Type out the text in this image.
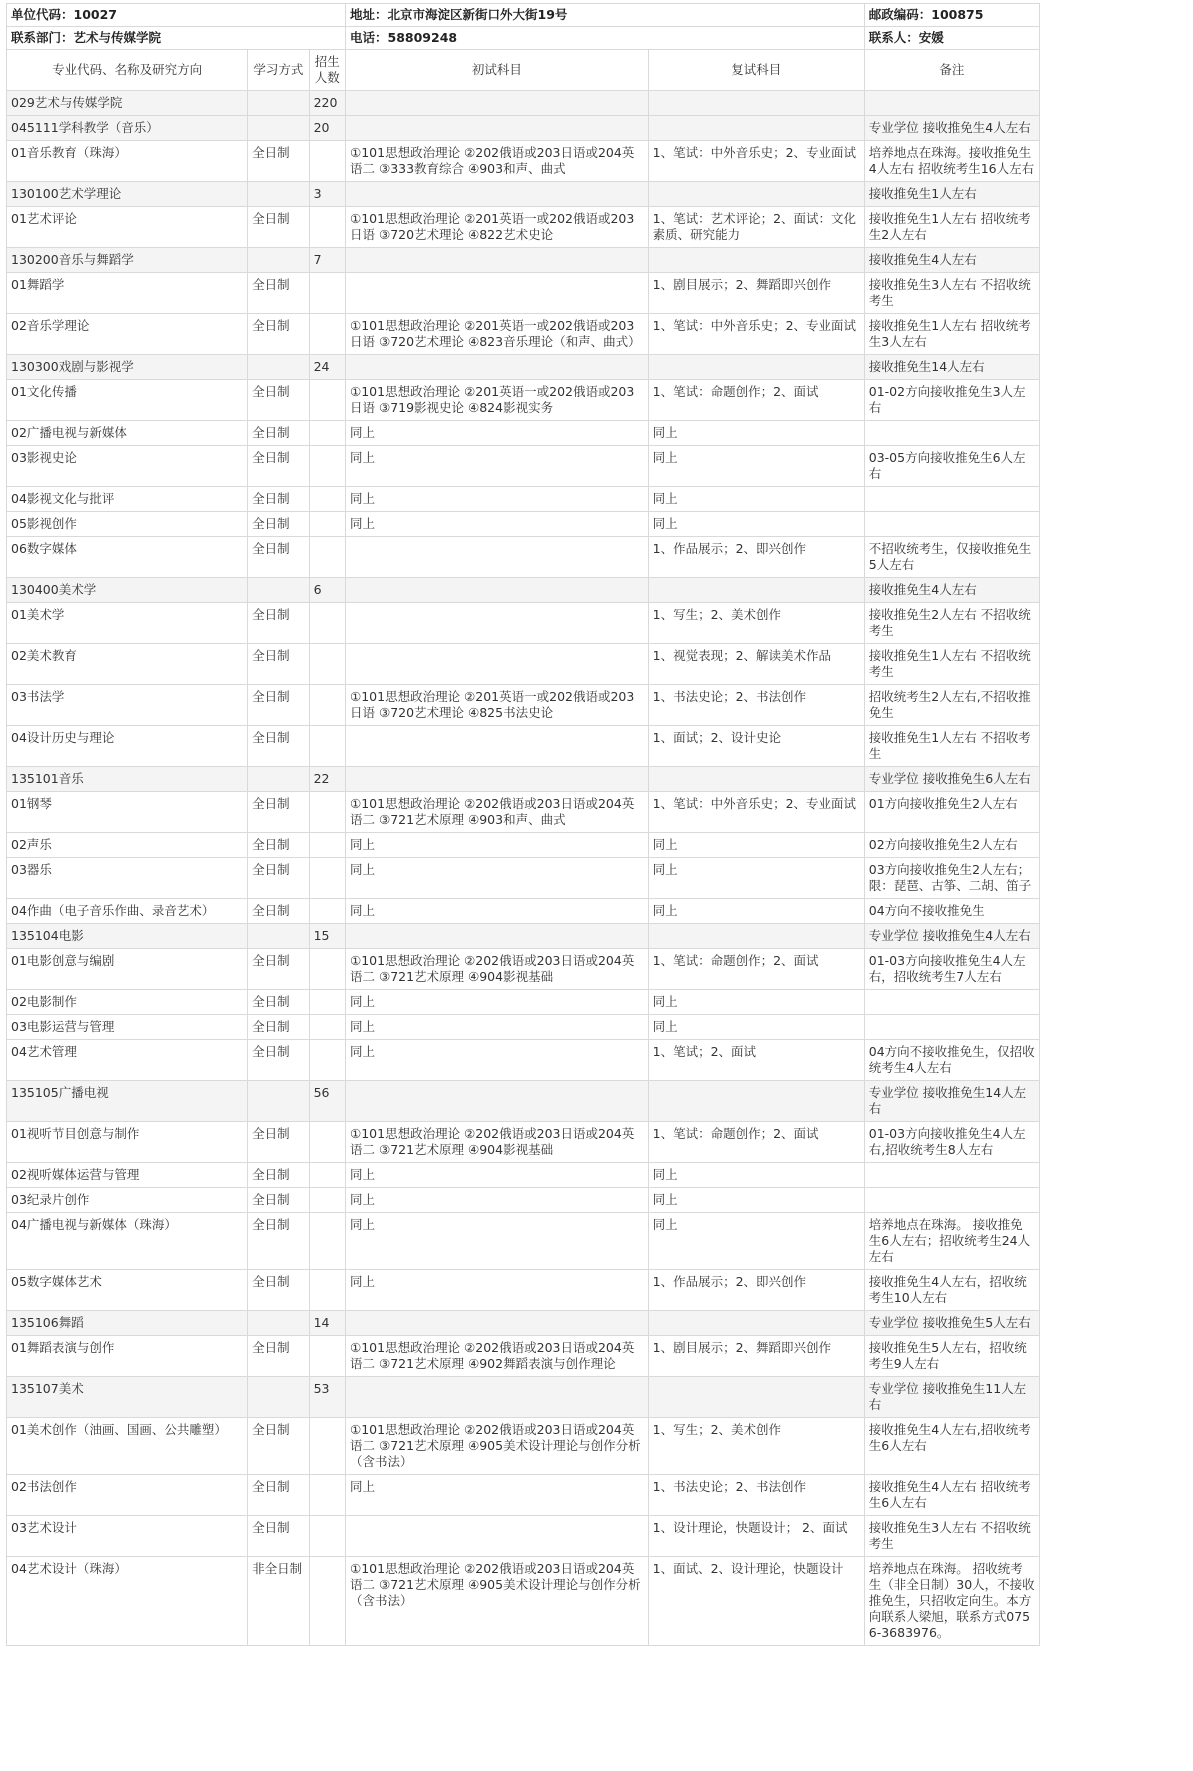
单位代码：10027			地址：北京市海淀区新街口外大街19号		邮政编码：100875
联系部门：艺术与传媒学院			电话：58809248		联系人：安媛
专业代码、名称及研究方向	学习方式	招生人数	初试科目	复试科目	备注
029艺术与传媒学院		220			
045111学科教学（音乐）		20			专业学位 接收推免生4人左右
01音乐教育（珠海）	全日制		①101思想政治理论 ②202俄语或203日语或204英语二 ③333教育综合 ④903和声、曲式	1、笔试：中外音乐史；2、专业面试	培养地点在珠海。接收推免生4人左右 招收统考生16人左右
130100艺术学理论		3			接收推免生1人左右
01艺术评论	全日制		①101思想政治理论 ②201英语一或202俄语或203日语 ③720艺术理论 ④822艺术史论	1、笔试：艺术评论；2、面试：文化素质、研究能力	接收推免生1人左右 招收统考生2人左右
130200音乐与舞蹈学		7			接收推免生4人左右
01舞蹈学	全日制			1、剧目展示；2、舞蹈即兴创作	接收推免生3人左右 不招收统考生
02音乐学理论	全日制		①101思想政治理论 ②201英语一或202俄语或203日语 ③720艺术理论 ④823音乐理论（和声、曲式）	1、笔试：中外音乐史；2、专业面试	接收推免生1人左右 招收统考生3人左右
130300戏剧与影视学		24			接收推免生14人左右
01文化传播	全日制		①101思想政治理论 ②201英语一或202俄语或203日语 ③719影视史论 ④824影视实务	1、笔试：命题创作；2、面试	01-02方向接收推免生3人左右
02广播电视与新媒体	全日制		同上	同上	
03影视史论	全日制		同上	同上	03-05方向接收推免生6人左右
04影视文化与批评	全日制		同上	同上	
05影视创作	全日制		同上	同上	
06数字媒体	全日制			1、作品展示；2、即兴创作	不招收统考生，仅接收推免生5人左右
130400美术学		6			接收推免生4人左右
01美术学	全日制			1、写生；2、美术创作	接收推免生2人左右 不招收统考生
02美术教育	全日制			1、视觉表现；2、解读美术作品	接收推免生1人左右 不招收统考生
03书法学	全日制		①101思想政治理论 ②201英语一或202俄语或203日语 ③720艺术理论 ④825书法史论	1、书法史论；2、书法创作	招收统考生2人左右,不招收推免生
04设计历史与理论	全日制			1、面试；2、设计史论	接收推免生1人左右 不招收考生
135101音乐		22			专业学位 接收推免生6人左右
01钢琴	全日制		①101思想政治理论 ②202俄语或203日语或204英语二 ③721艺术原理 ④903和声、曲式	1、笔试：中外音乐史；2、专业面试	01方向接收推免生2人左右
02声乐	全日制		同上	同上	02方向接收推免生2人左右
03器乐	全日制		同上	同上	03方向接收推免生2人左右；限：琵琶、古筝、二胡、笛子
04作曲（电子音乐作曲、录音艺术）	全日制		同上	同上	04方向不接收推免生
135104电影		15			专业学位 接收推免生4人左右
01电影创意与编剧	全日制		①101思想政治理论 ②202俄语或203日语或204英语二 ③721艺术原理 ④904影视基础	1、笔试：命题创作；2、面试	01-03方向接收推免生4人左右，招收统考生7人左右
02电影制作	全日制		同上	同上	
03电影运营与管理	全日制		同上	同上	
04艺术管理	全日制		同上	1、笔试；2、面试	04方向不接收推免生，仅招收统考生4人左右
135105广播电视		56			专业学位 接收推免生14人左右
01视听节目创意与制作	全日制		①101思想政治理论 ②202俄语或203日语或204英语二 ③721艺术原理 ④904影视基础	1、笔试：命题创作；2、面试	01-03方向接收推免生4人左右,招收统考生8人左右
02视听媒体运营与管理	全日制		同上	同上	
03纪录片创作	全日制		同上	同上	
04广播电视与新媒体（珠海）	全日制		同上	同上	培养地点在珠海。 接收推免生6人左右；招收统考生24人左右
05数字媒体艺术	全日制		同上	1、作品展示；2、即兴创作	接收推免生4人左右，招收统考生10人左右
135106舞蹈		14			专业学位 接收推免生5人左右
01舞蹈表演与创作	全日制		①101思想政治理论 ②202俄语或203日语或204英语二 ③721艺术原理 ④902舞蹈表演与创作理论	1、剧目展示；2、舞蹈即兴创作	接收推免生5人左右，招收统考生9人左右
135107美术		53			专业学位 接收推免生11人左右
01美术创作（油画、国画、公共雕塑）	全日制		①101思想政治理论 ②202俄语或203日语或204英语二 ③721艺术原理 ④905美术设计理论与创作分析（含书法）	1、写生；2、美术创作	接收推免生4人左右,招收统考生6人左右
02书法创作	全日制		同上	1、书法史论；2、书法创作	接收推免生4人左右 招收统考生6人左右
03艺术设计	全日制			1、设计理论，快题设计； 2、面试	接收推免生3人左右 不招收统考生
04艺术设计（珠海）	非全日制		①101思想政治理论 ②202俄语或203日语或204英语二 ③721艺术原理 ④905美术设计理论与创作分析（含书法）	1、面试、2、设计理论，快题设计	培养地点在珠海。 招收统考生（非全日制）30人，不接收推免生，只招收定向生。本方向联系人梁旭，联系方式0756-3683976。
